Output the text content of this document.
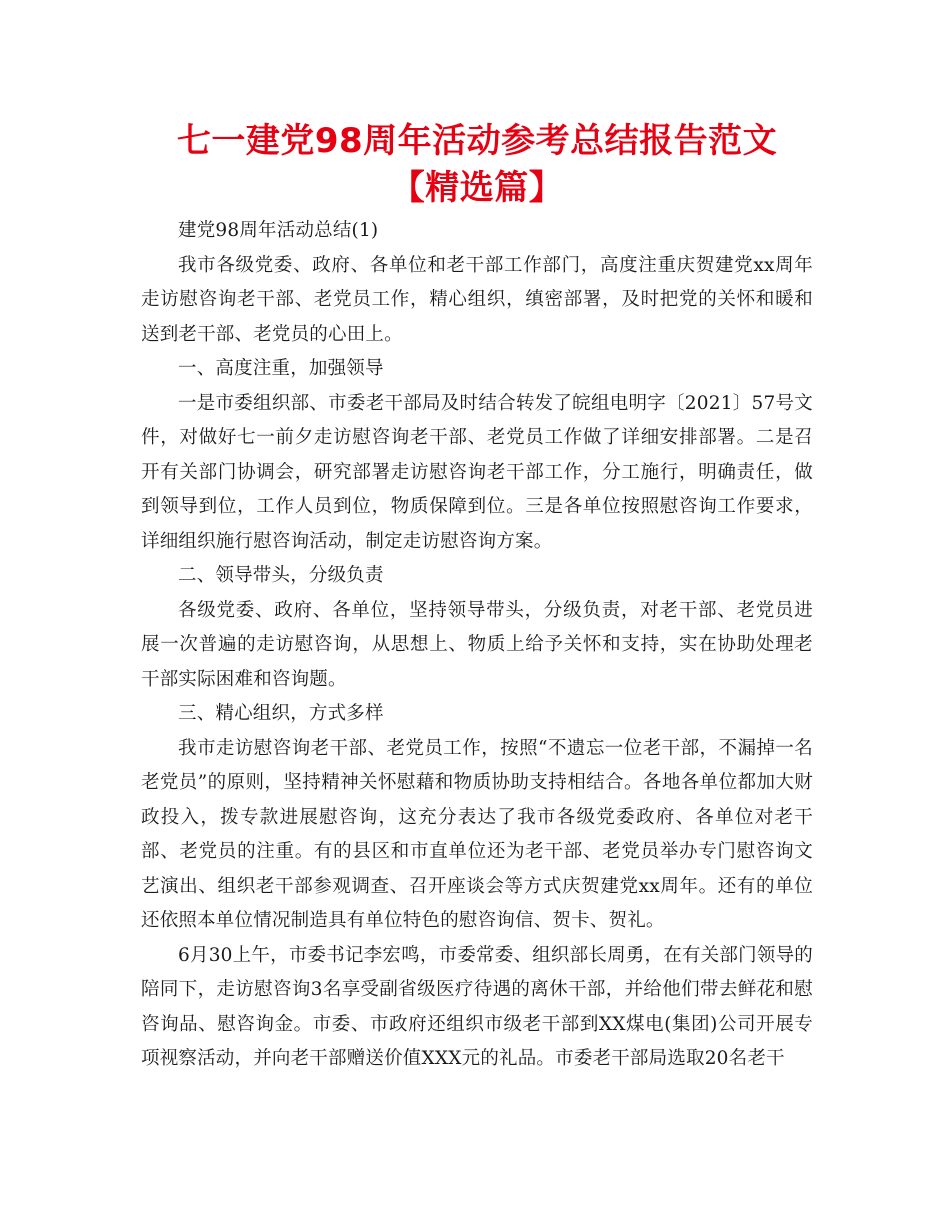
七一建党98周年活动参考总结报告范文【精选篇】

建党98周年活动总结(1)

我市各级党委、政府、各单位和老干部工作部门，高度注重庆贺建党xx周年走访慰咨询老干部、老党员工作，精心组织，缜密部署，及时把党的关怀和暖和送到老干部、老党员的心田上。

一、高度注重，加强领导

一是市委组织部、市委老干部局及时结合转发了皖组电明字〔2021〕57号文件，对做好七一前夕走访慰咨询老干部、老党员工作做了详细安排部署。二是召开有关部门协调会，研究部署走访慰咨询老干部工作，分工施行，明确责任，做到领导到位，工作人员到位，物质保障到位。三是各单位按照慰咨询工作要求，详细组织施行慰咨询活动，制定走访慰咨询方案。

二、领导带头，分级负责

各级党委、政府、各单位，坚持领导带头，分级负责，对老干部、老党员进展一次普遍的走访慰咨询，从思想上、物质上给予关怀和支持，实在协助处理老干部实际困难和咨询题。

三、精心组织，方式多样

我市走访慰咨询老干部、老党员工作，按照“不遗忘一位老干部，不漏掉一名老党员”的原则，坚持精神关怀慰藉和物质协助支持相结合。各地各单位都加大财政投入，拨专款进展慰咨询，这充分表达了我市各级党委政府、各单位对老干部、老党员的注重。有的县区和市直单位还为老干部、老党员举办专门慰咨询文艺演出、组织老干部参观调查、召开座谈会等方式庆贺建党xx周年。还有的单位还依照本单位情况制造具有单位特色的慰咨询信、贺卡、贺礼。

6月30上午，市委书记李宏鸣，市委常委、组织部长周勇，在有关部门领导的陪同下，走访慰咨询3名享受副省级医疗待遇的离休干部，并给他们带去鲜花和慰咨询品、慰咨询金。市委、市政府还组织市级老干部到XX煤电(集团)公司开展专项视察活动，并向老干部赠送价值XXX元的礼品。市委老干部局选取20名老干
